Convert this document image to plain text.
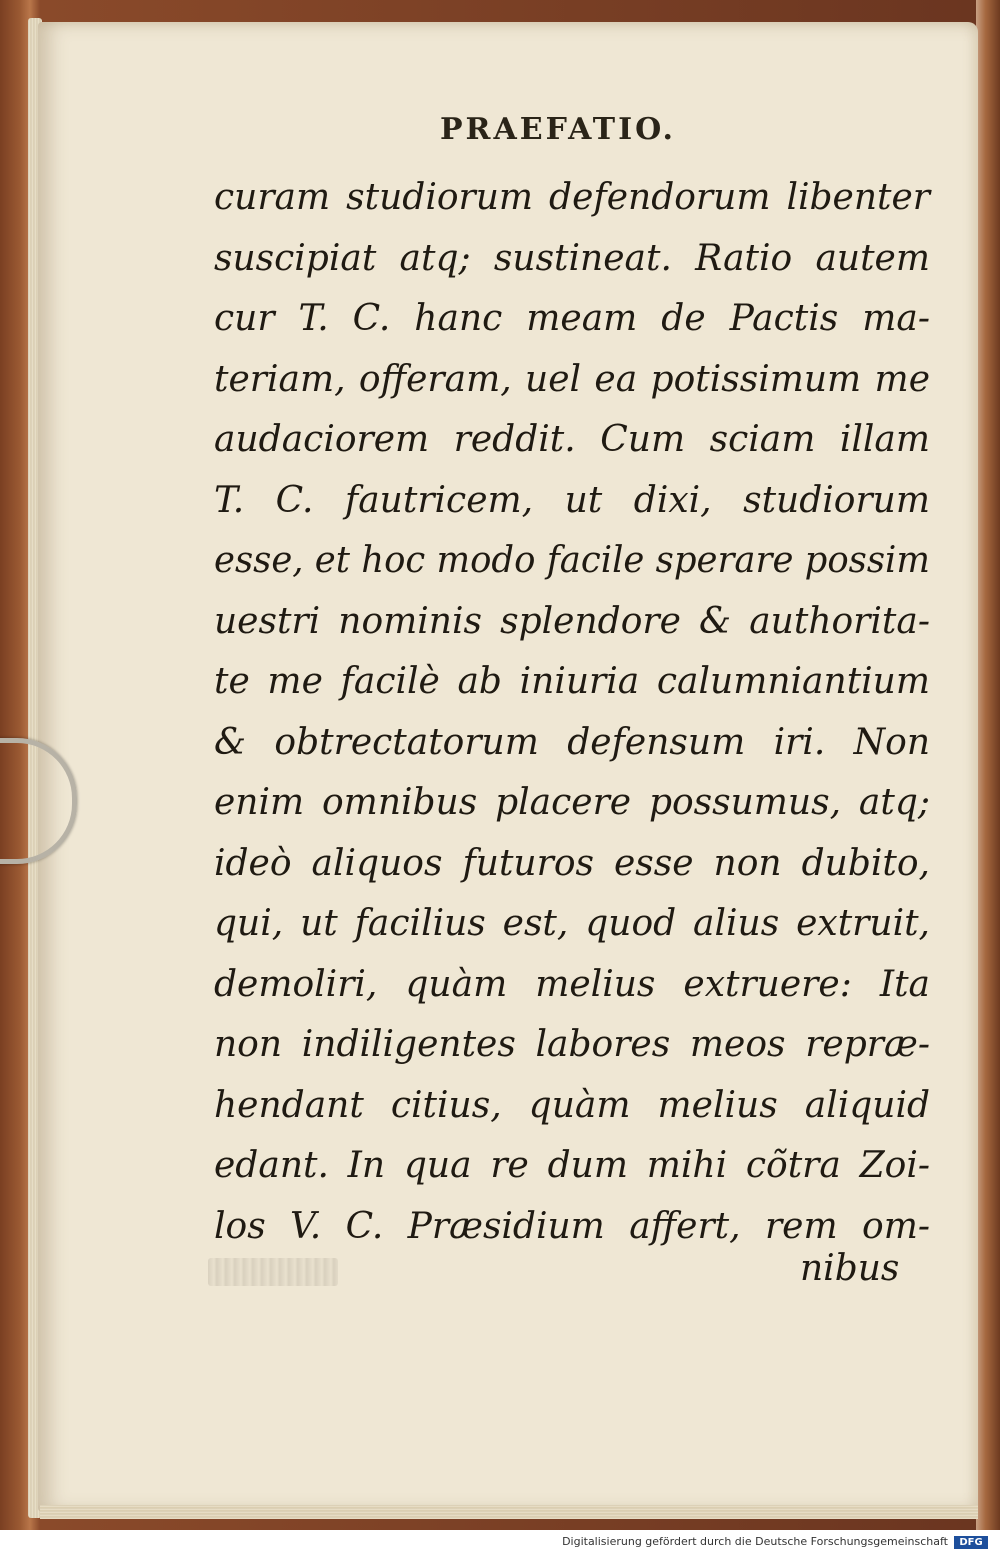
PRAEFATIO.
curam studiorum defendorum libenter
suscipiat atq; sustineat. Ratio autem
cur T. C. hanc meam de Pactis ma-
teriam, offeram, uel ea potissimum me
audaciorem reddit. Cum sciam illam
T. C. fautricem, ut dixi, studiorum
esse, et hoc modo facile sperare possim
uestri nominis splendore & authorita-
te me facilè ab iniuria calumniantium
& obtrectatorum defensum iri. Non
enim omnibus placere possumus, atq;
ideò aliquos futuros esse non dubito,
qui, ut facilius est, quod alius extruit,
demoliri, quàm melius extruere: Ita
non indiligentes labores meos repræ-
hendant citius, quàm melius aliquid
edant. In qua re dum mihi cõtra Zoi-
los V. C. Præsidium affert, rem om-
nibus
Digitalisierung gefördert durch die Deutsche Forschungsgemeinschaft	DFG
